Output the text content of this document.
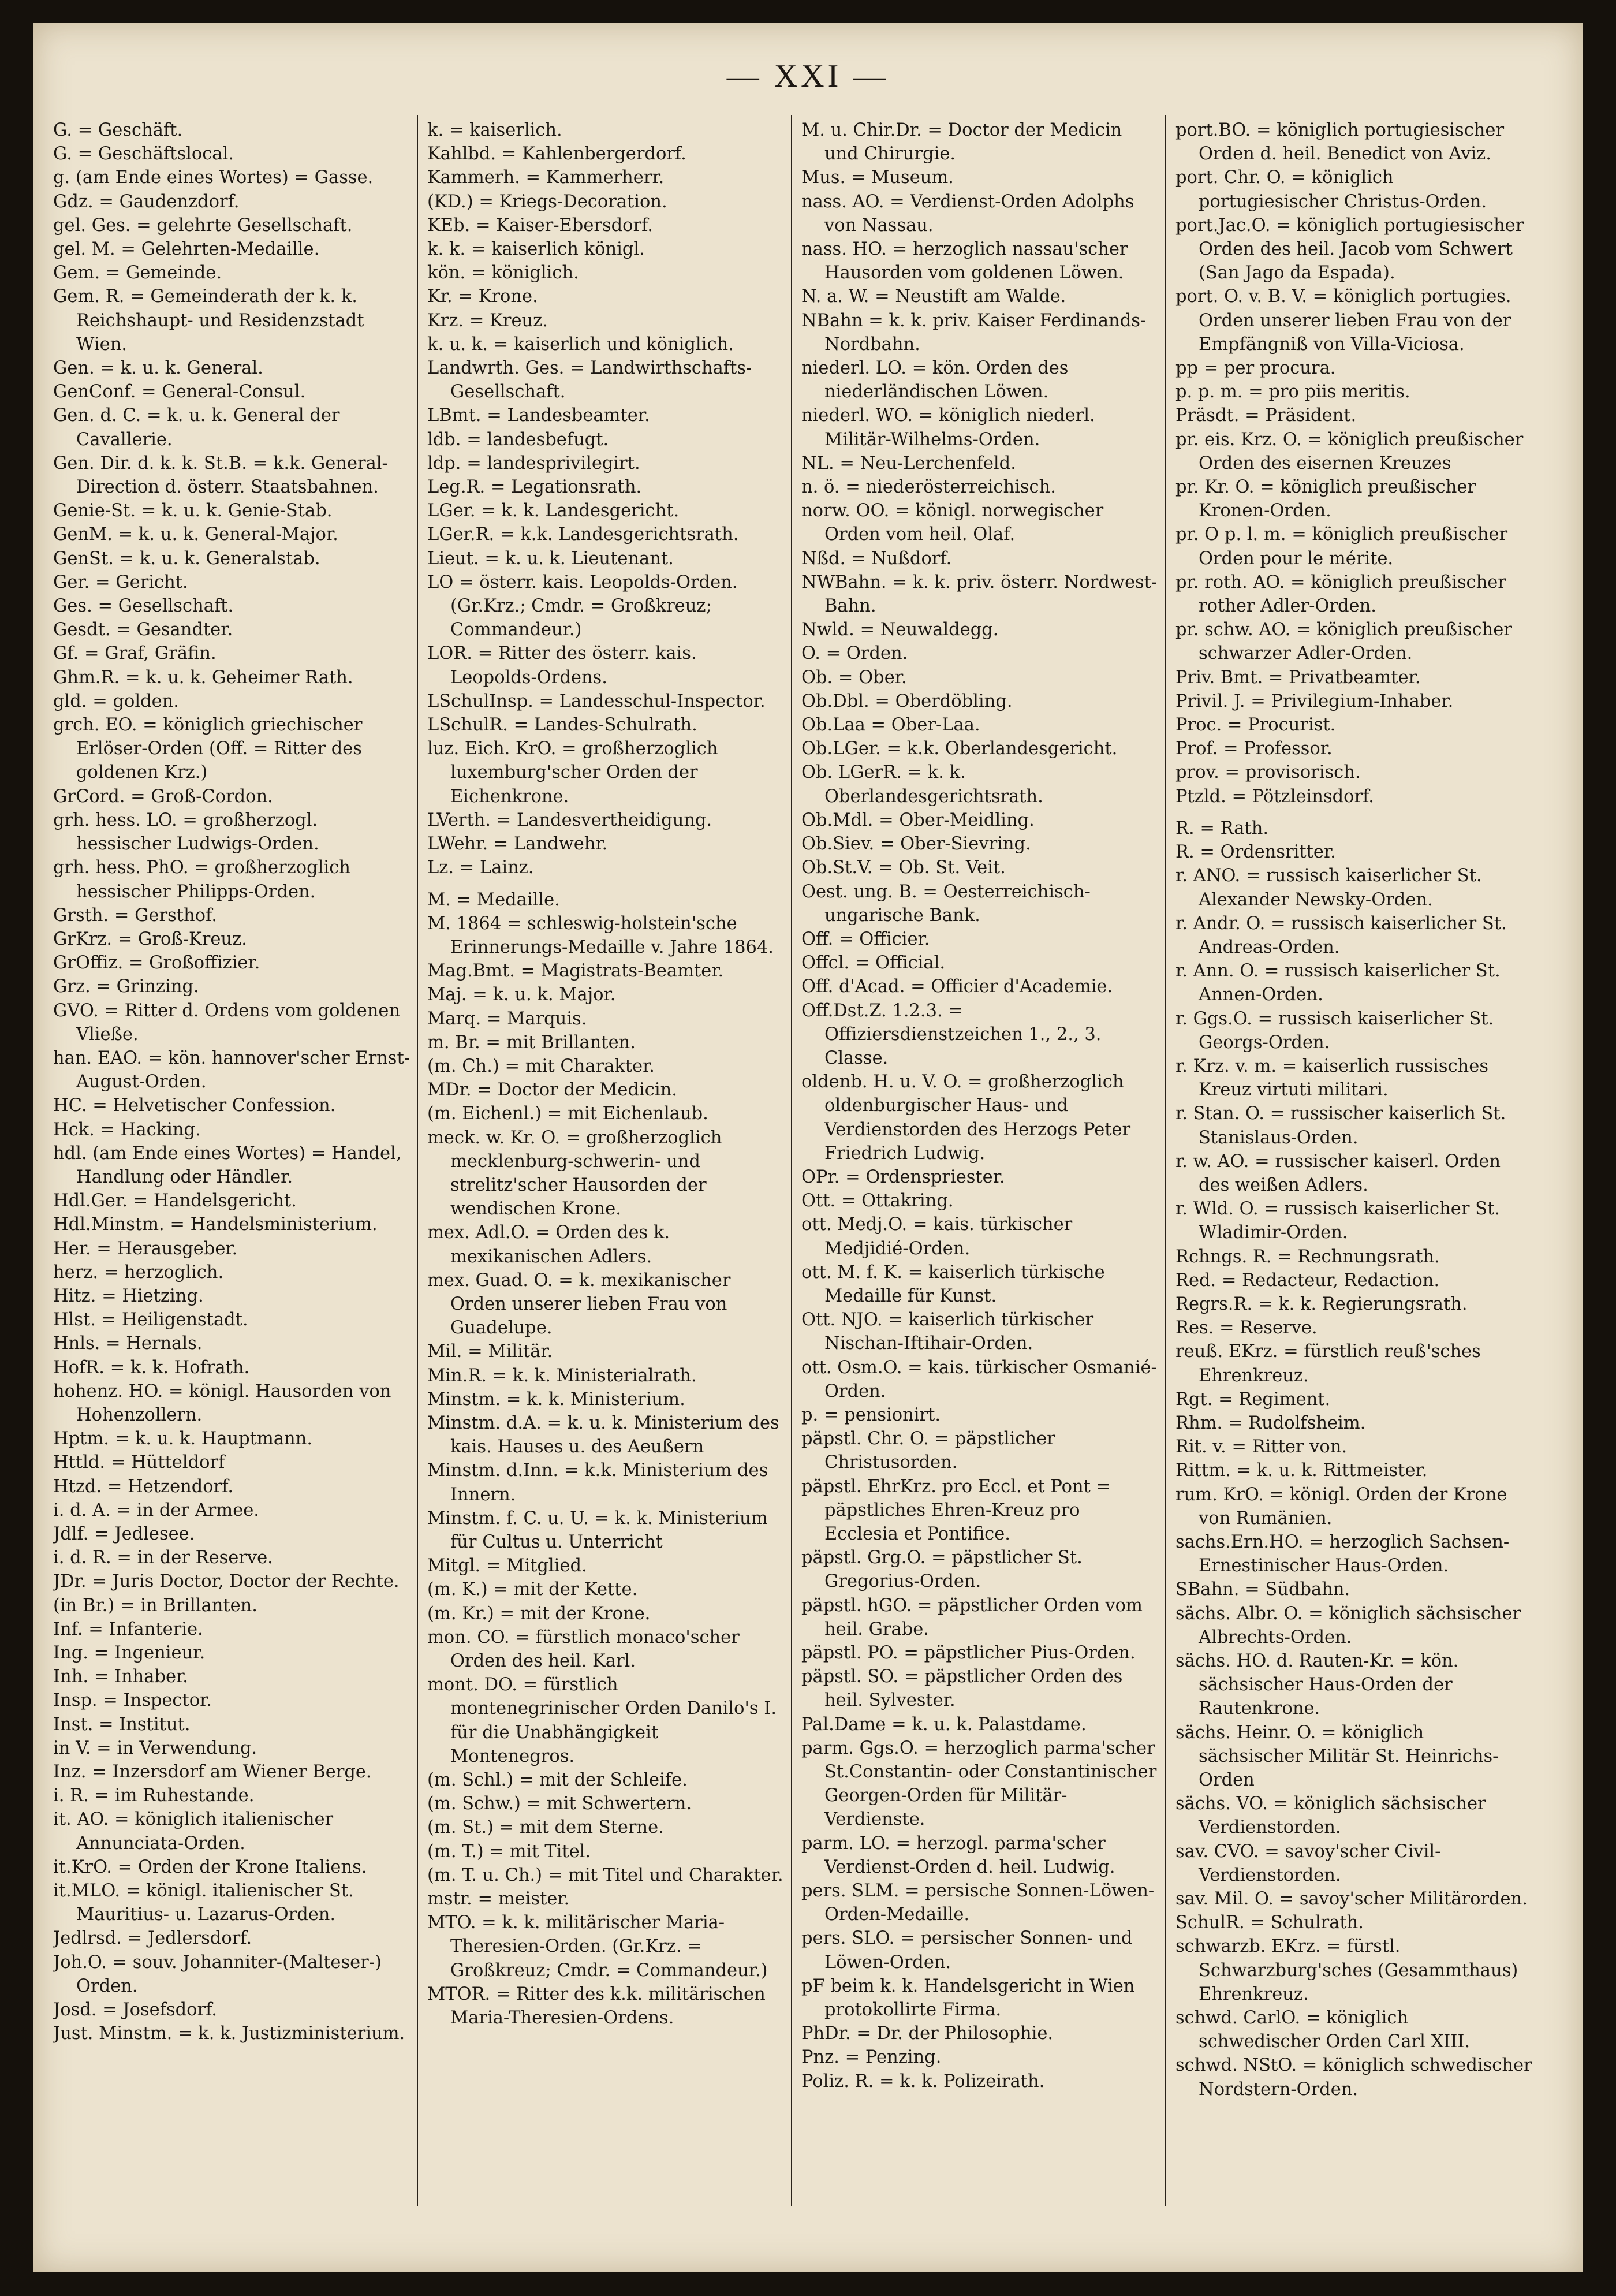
— XXI —
G. = Geschäft.
G. = Geschäftslocal.
g. (am Ende eines Wortes) = Gasse.
Gdz. = Gaudenzdorf.
gel. Ges. = gelehrte Gesellschaft.
gel. M. = Gelehrten-Medaille.
Gem. = Gemeinde.
Gem. R. = Gemeinderath der k. k. Reichshaupt- und Residenzstadt Wien.
Gen. = k. u. k. General.
GenConf. = General-Consul.
Gen. d. C. = k. u. k. General der Cavallerie.
Gen. Dir. d. k. k. St.B. = k.k. General-Direction d. österr. Staatsbahnen.
Genie-St. = k. u. k. Genie-Stab.
GenM. = k. u. k. General-Major.
GenSt. = k. u. k. Generalstab.
Ger. = Gericht.
Ges. = Gesellschaft.
Gesdt. = Gesandter.
Gf. = Graf, Gräfin.
Ghm.R. = k. u. k. Geheimer Rath.
gld. = golden.
grch. EO. = königlich griechischer Erlöser-Orden (Off. = Ritter des goldenen Krz.)
GrCord. = Groß-Cordon.
grh. hess. LO. = großherzogl. hessischer Ludwigs-Orden.
grh. hess. PhO. = großherzoglich hessischer Philipps-Orden.
Grsth. = Gersthof.
GrKrz. = Groß-Kreuz.
GrOffiz. = Großoffizier.
Grz. = Grinzing.
GVO. = Ritter d. Ordens vom goldenen Vließe.
han. EAO. = kön. hannover'scher Ernst-August-Orden.
HC. = Helvetischer Confession.
Hck. = Hacking.
hdl. (am Ende eines Wortes) = Handel, Handlung oder Händler.
Hdl.Ger. = Handelsgericht.
Hdl.Minstm. = Handelsministerium.
Her. = Herausgeber.
herz. = herzoglich.
Hitz. = Hietzing.
Hlst. = Heiligenstadt.
Hnls. = Hernals.
HofR. = k. k. Hofrath.
hohenz. HO. = königl. Hausorden von Hohenzollern.
Hptm. = k. u. k. Hauptmann.
Httld. = Hütteldorf
Htzd. = Hetzendorf.
i. d. A. = in der Armee.
Jdlf. = Jedlesee.
i. d. R. = in der Reserve.
JDr. = Juris Doctor, Doctor der Rechte.
(in Br.) = in Brillanten.
Inf. = Infanterie.
Ing. = Ingenieur.
Inh. = Inhaber.
Insp. = Inspector.
Inst. = Institut.
in V. = in Verwendung.
Inz. = Inzersdorf am Wiener Berge.
i. R. = im Ruhestande.
it. AO. = königlich italienischer Annunciata-Orden.
it.KrO. = Orden der Krone Italiens.
it.MLO. = königl. italienischer St. Mauritius- u. Lazarus-Orden.
Jedlrsd. = Jedlersdorf.
Joh.O. = souv. Johanniter-(Malteser-) Orden.
Josd. = Josefsdorf.
Just. Minstm. = k. k. Justizministerium.
k. = kaiserlich.
Kahlbd. = Kahlenbergerdorf.
Kammerh. = Kammerherr.
(KD.) = Kriegs-Decoration.
KEb. = Kaiser-Ebersdorf.
k. k. = kaiserlich königl.
kön. = königlich.
Kr. = Krone.
Krz. = Kreuz.
k. u. k. = kaiserlich und königlich.
Landwrth. Ges. = Landwirthschafts-Gesellschaft.
LBmt. = Landesbeamter.
ldb. = landesbefugt.
ldp. = landesprivilegirt.
Leg.R. = Legationsrath.
LGer. = k. k. Landesgericht.
LGer.R. = k.k. Landesgerichtsrath.
Lieut. = k. u. k. Lieutenant.
LO = österr. kais. Leopolds-Orden. (Gr.Krz.; Cmdr. = Großkreuz; Commandeur.)
LOR. = Ritter des österr. kais. Leopolds-Ordens.
LSchulInsp. = Landesschul-Inspector.
LSchulR. = Landes-Schulrath.
luz. Eich. KrO. = großherzoglich luxemburg'scher Orden der Eichenkrone.
LVerth. = Landesvertheidigung.
LWehr. = Landwehr.
Lz. = Lainz.
M. = Medaille.
M. 1864 = schleswig-holstein'sche Erinnerungs-Medaille v. Jahre 1864.
Mag.Bmt. = Magistrats-Beamter.
Maj. = k. u. k. Major.
Marq. = Marquis.
m. Br. = mit Brillanten.
(m. Ch.) = mit Charakter.
MDr. = Doctor der Medicin.
(m. Eichenl.) = mit Eichenlaub.
meck. w. Kr. O. = großherzoglich mecklenburg-schwerin- und strelitz'scher Hausorden der wendischen Krone.
mex. Adl.O. = Orden des k. mexikanischen Adlers.
mex. Guad. O. = k. mexikanischer Orden unserer lieben Frau von Guadelupe.
Mil. = Militär.
Min.R. = k. k. Ministerialrath.
Minstm. = k. k. Ministerium.
Minstm. d.A. = k. u. k. Ministerium des kais. Hauses u. des Aeußern
Minstm. d.Inn. = k.k. Ministerium des Innern.
Minstm. f. C. u. U. = k. k. Ministerium für Cultus u. Unterricht
Mitgl. = Mitglied.
(m. K.) = mit der Kette.
(m. Kr.) = mit der Krone.
mon. CO. = fürstlich monaco'scher Orden des heil. Karl.
mont. DO. = fürstlich montenegrinischer Orden Danilo's I. für die Unabhängigkeit Montenegros.
(m. Schl.) = mit der Schleife.
(m. Schw.) = mit Schwertern.
(m. St.) = mit dem Sterne.
(m. T.) = mit Titel.
(m. T. u. Ch.) = mit Titel und Charakter.
mstr. = meister.
MTO. = k. k. militärischer Maria-Theresien-Orden. (Gr.Krz. = Großkreuz; Cmdr. = Commandeur.)
MTOR. = Ritter des k.k. militärischen Maria-Theresien-Ordens.
M. u. Chir.Dr. = Doctor der Medicin und Chirurgie.
Mus. = Museum.
nass. AO. = Verdienst-Orden Adolphs von Nassau.
nass. HO. = herzoglich nassau'scher Hausorden vom goldenen Löwen.
N. a. W. = Neustift am Walde.
NBahn = k. k. priv. Kaiser Ferdinands-Nordbahn.
niederl. LO. = kön. Orden des niederländischen Löwen.
niederl. WO. = königlich niederl. Militär-Wilhelms-Orden.
NL. = Neu-Lerchenfeld.
n. ö. = niederösterreichisch.
norw. OO. = königl. norwegischer Orden vom heil. Olaf.
Nßd. = Nußdorf.
NWBahn. = k. k. priv. österr. Nordwest-Bahn.
Nwld. = Neuwaldegg.
O. = Orden.
Ob. = Ober.
Ob.Dbl. = Oberdöbling.
Ob.Laa = Ober-Laa.
Ob.LGer. = k.k. Oberlandesgericht.
Ob. LGerR. = k. k. Oberlandesgerichtsrath.
Ob.Mdl. = Ober-Meidling.
Ob.Siev. = Ober-Sievring.
Ob.St.V. = Ob. St. Veit.
Oest. ung. B. = Oesterreichisch-ungarische Bank.
Off. = Officier.
Offcl. = Official.
Off. d'Acad. = Officier d'Academie.
Off.Dst.Z. 1.2.3. = Offiziersdienstzeichen 1., 2., 3. Classe.
oldenb. H. u. V. O. = großherzoglich oldenburgischer Haus- und Verdienstorden des Herzogs Peter Friedrich Ludwig.
OPr. = Ordenspriester.
Ott. = Ottakring.
ott. Medj.O. = kais. türkischer Medjidié-Orden.
ott. M. f. K. = kaiserlich türkische Medaille für Kunst.
Ott. NJO. = kaiserlich türkischer Nischan-Iftihair-Orden.
ott. Osm.O. = kais. türkischer Osmanié-Orden.
p. = pensionirt.
päpstl. Chr. O. = päpstlicher Christusorden.
päpstl. EhrKrz. pro Eccl. et Pont = päpstliches Ehren-Kreuz pro Ecclesia et Pontifice.
päpstl. Grg.O. = päpstlicher St. Gregorius-Orden.
päpstl. hGO. = päpstlicher Orden vom heil. Grabe.
päpstl. PO. = päpstlicher Pius-Orden.
päpstl. SO. = päpstlicher Orden des heil. Sylvester.
Pal.Dame = k. u. k. Palastdame.
parm. Ggs.O. = herzoglich parma'scher St.Constantin- oder Constantinischer Georgen-Orden für Militär-Verdienste.
parm. LO. = herzogl. parma'scher Verdienst-Orden d. heil. Ludwig.
pers. SLM. = persische Sonnen-Löwen-Orden-Medaille.
pers. SLO. = persischer Sonnen- und Löwen-Orden.
pF beim k. k. Handelsgericht in Wien protokollirte Firma.
PhDr. = Dr. der Philosophie.
Pnz. = Penzing.
Poliz. R. = k. k. Polizeirath.
port.BO. = königlich portugiesischer Orden d. heil. Benedict von Aviz.
port. Chr. O. = königlich portugiesischer Christus-Orden.
port.Jac.O. = königlich portugiesischer Orden des heil. Jacob vom Schwert (San Jago da Espada).
port. O. v. B. V. = königlich portugies. Orden unserer lieben Frau von der Empfängniß von Villa-Viciosa.
pp = per procura.
p. p. m. = pro piis meritis.
Präsdt. = Präsident.
pr. eis. Krz. O. = königlich preußischer Orden des eisernen Kreuzes
pr. Kr. O. = königlich preußischer Kronen-Orden.
pr. O p. l. m. = königlich preußischer Orden pour le mérite.
pr. roth. AO. = königlich preußischer rother Adler-Orden.
pr. schw. AO. = königlich preußischer schwarzer Adler-Orden.
Priv. Bmt. = Privatbeamter.
Privil. J. = Privilegium-Inhaber.
Proc. = Procurist.
Prof. = Professor.
prov. = provisorisch.
Ptzld. = Pötzleinsdorf.
R. = Rath.
R. = Ordensritter.
r. ANO. = russisch kaiserlicher St. Alexander Newsky-Orden.
r. Andr. O. = russisch kaiserlicher St. Andreas-Orden.
r. Ann. O. = russisch kaiserlicher St. Annen-Orden.
r. Ggs.O. = russisch kaiserlicher St. Georgs-Orden.
r. Krz. v. m. = kaiserlich russisches Kreuz virtuti militari.
r. Stan. O. = russischer kaiserlich St. Stanislaus-Orden.
r. w. AO. = russischer kaiserl. Orden des weißen Adlers.
r. Wld. O. = russisch kaiserlicher St. Wladimir-Orden.
Rchngs. R. = Rechnungsrath.
Red. = Redacteur, Redaction.
Regrs.R. = k. k. Regierungsrath.
Res. = Reserve.
reuß. EKrz. = fürstlich reuß'sches Ehrenkreuz.
Rgt. = Regiment.
Rhm. = Rudolfsheim.
Rit. v. = Ritter von.
Rittm. = k. u. k. Rittmeister.
rum. KrO. = königl. Orden der Krone von Rumänien.
sachs.Ern.HO. = herzoglich Sachsen-Ernestinischer Haus-Orden.
SBahn. = Südbahn.
sächs. Albr. O. = königlich sächsischer Albrechts-Orden.
sächs. HO. d. Rauten-Kr. = kön. sächsischer Haus-Orden der Rautenkrone.
sächs. Heinr. O. = königlich sächsischer Militär St. Heinrichs-Orden
sächs. VO. = königlich sächsischer Verdienstorden.
sav. CVO. = savoy'scher Civil-Verdienstorden.
sav. Mil. O. = savoy'scher Militärorden.
SchulR. = Schulrath.
schwarzb. EKrz. = fürstl. Schwarzburg'sches (Gesammthaus) Ehrenkreuz.
schwd. CarlO. = königlich schwedischer Orden Carl XIII.
schwd. NStO. = königlich schwedischer Nordstern-Orden.
